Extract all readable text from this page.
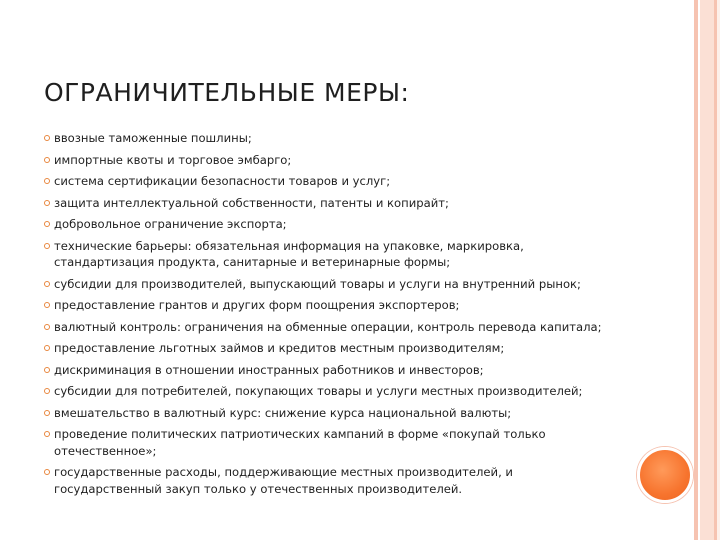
ОГРАНИЧИТЕЛЬНЫЕ МЕРЫ:
ввозные таможенные пошлины;
импортные квоты и торговое эмбарго;
система сертификации безопасности товаров и услуг;
защита интеллектуальной собственности, патенты и копирайт;
добровольное ограничение экспорта;
технические барьеры: обязательная информация на упаковке, маркировка, стандартизация продукта, санитарные и ветеринарные формы;
субсидии для производителей, выпускающий товары и услуги на внутренний рынок;
предоставление грантов и других форм поощрения экспортеров;
валютный контроль: ограничения на обменные операции, контроль перевода капитала;
предоставление льготных займов и кредитов местным производителям;
дискриминация в отношении иностранных работников и инвесторов;
субсидии для потребителей, покупающих товары и услуги местных производителей;
вмешательство в валютный курс: снижение курса национальной валюты;
проведение политических патриотических кампаний в форме «покупай только отечественное»;
государственные расходы, поддерживающие местных производителей, и государственный закуп только у отечественных производителей.
